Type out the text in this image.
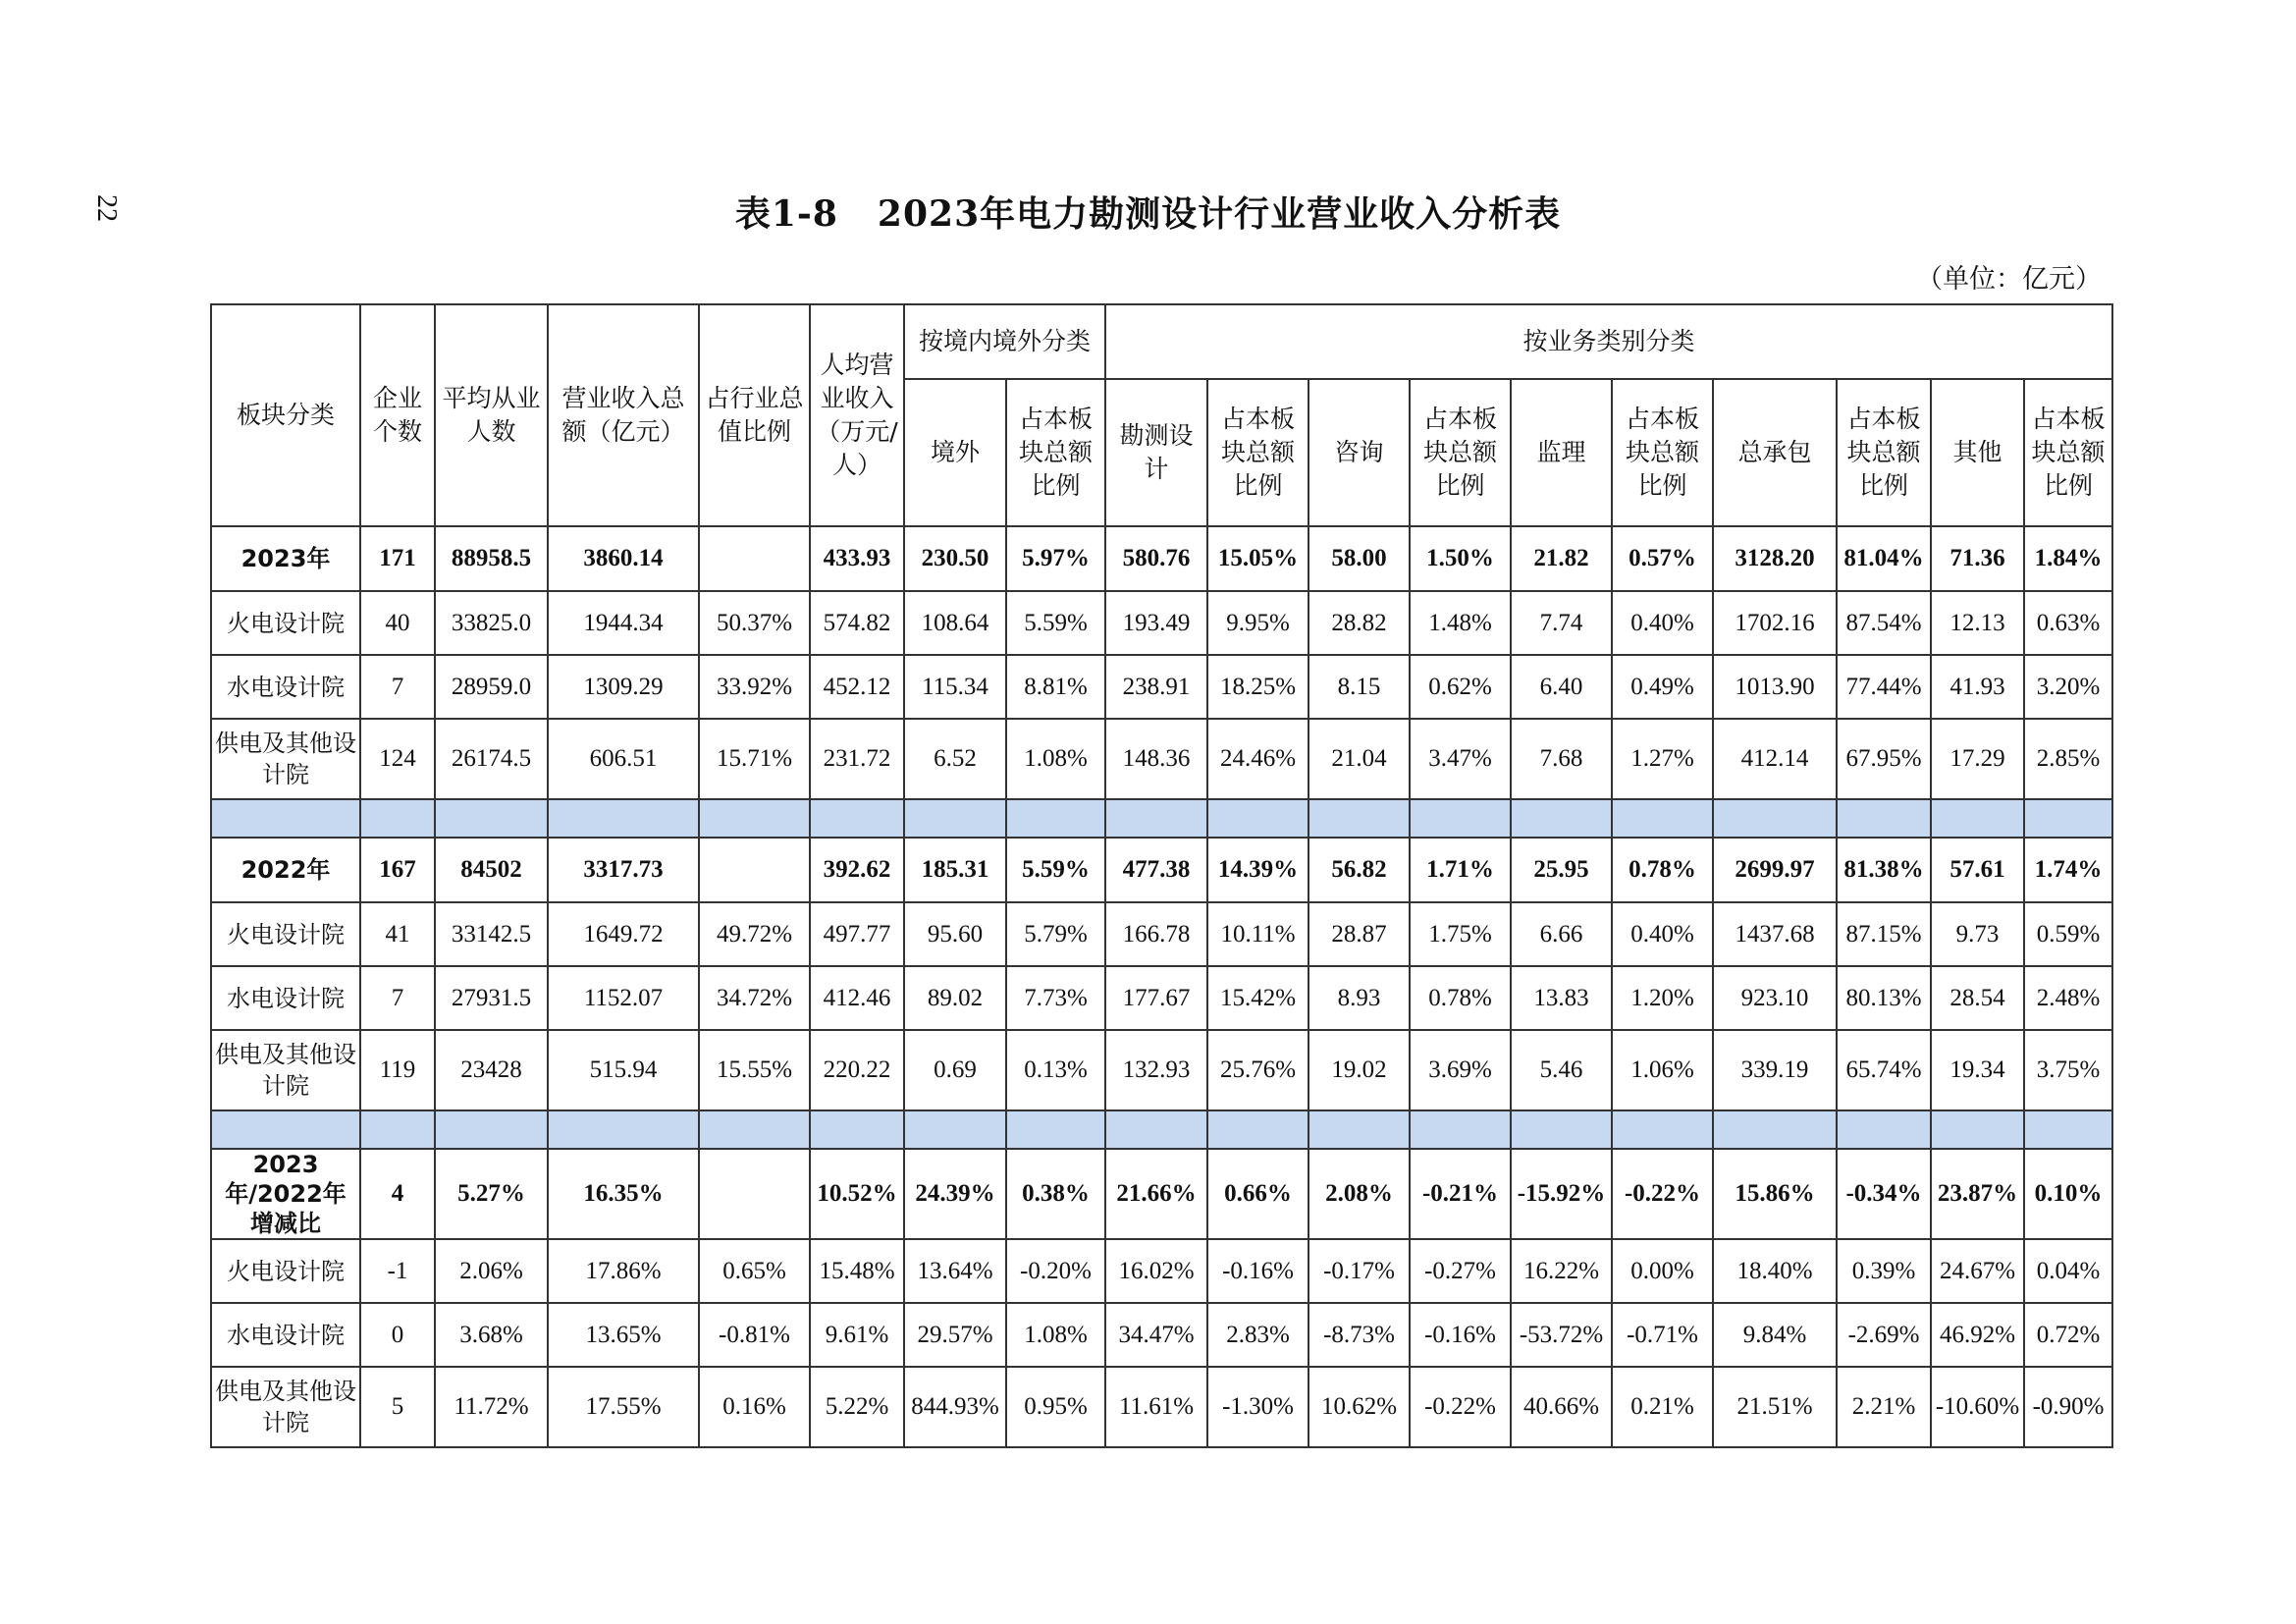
22	表1-8 2023年电力勘测设计行业营业收入分析表
（单位：亿元）
板块分类	企业个数	平均从业人数	营业收入总额（亿元）	占行业总值比例	人均营业收入（万元/人）	按境内境外分类		按业务类别分类									
						境外	占本板块总额比例	勘测设计	占本板块总额比例	咨询	占本板块总额比例	监理	占本板块总额比例	总承包	占本板块总额比例	其他	占本板块总额比例
2023年	171	88958.5	3860.14		433.93	230.50	5.97%	580.76	15.05%	58.00	1.50%	21.82	0.57%	3128.20	81.04%	71.36	1.84%
火电设计院	40	33825.0	1944.34	50.37%	574.82	108.64	5.59%	193.49	9.95%	28.82	1.48%	7.74	0.40%	1702.16	87.54%	12.13	0.63%
水电设计院	7	28959.0	1309.29	33.92%	452.12	115.34	8.81%	238.91	18.25%	8.15	0.62%	6.40	0.49%	1013.90	77.44%	41.93	3.20%
供电及其他设计院	124	26174.5	606.51	15.71%	231.72	6.52	1.08%	148.36	24.46%	21.04	3.47%	7.68	1.27%	412.14	67.95%	17.29	2.85%

2022年	167	84502	3317.73		392.62	185.31	5.59%	477.38	14.39%	56.82	1.71%	25.95	0.78%	2699.97	81.38%	57.61	1.74%
火电设计院	41	33142.5	1649.72	49.72%	497.77	95.60	5.79%	166.78	10.11%	28.87	1.75%	6.66	0.40%	1437.68	87.15%	9.73	0.59%
水电设计院	7	27931.5	1152.07	34.72%	412.46	89.02	7.73%	177.67	15.42%	8.93	0.78%	13.83	1.20%	923.10	80.13%	28.54	2.48%
供电及其他设计院	119	23428	515.94	15.55%	220.22	0.69	0.13%	132.93	25.76%	19.02	3.69%	5.46	1.06%	339.19	65.74%	19.34	3.75%

2023年/2022年增减比	4	5.27%	16.35%		10.52%	24.39%	0.38%	21.66%	0.66%	2.08%	-0.21%	-15.92%	-0.22%	15.86%	-0.34%	23.87%	0.10%
火电设计院	-1	2.06%	17.86%	0.65%	15.48%	13.64%	-0.20%	16.02%	-0.16%	-0.17%	-0.27%	16.22%	0.00%	18.40%	0.39%	24.67%	0.04%
水电设计院	0	3.68%	13.65%	-0.81%	9.61%	29.57%	1.08%	34.47%	2.83%	-8.73%	-0.16%	-53.72%	-0.71%	9.84%	-2.69%	46.92%	0.72%
供电及其他设计院	5	11.72%	17.55%	0.16%	5.22%	844.93%	0.95%	11.61%	-1.30%	10.62%	-0.22%	40.66%	0.21%	21.51%	2.21%	-10.60%	-0.90%
